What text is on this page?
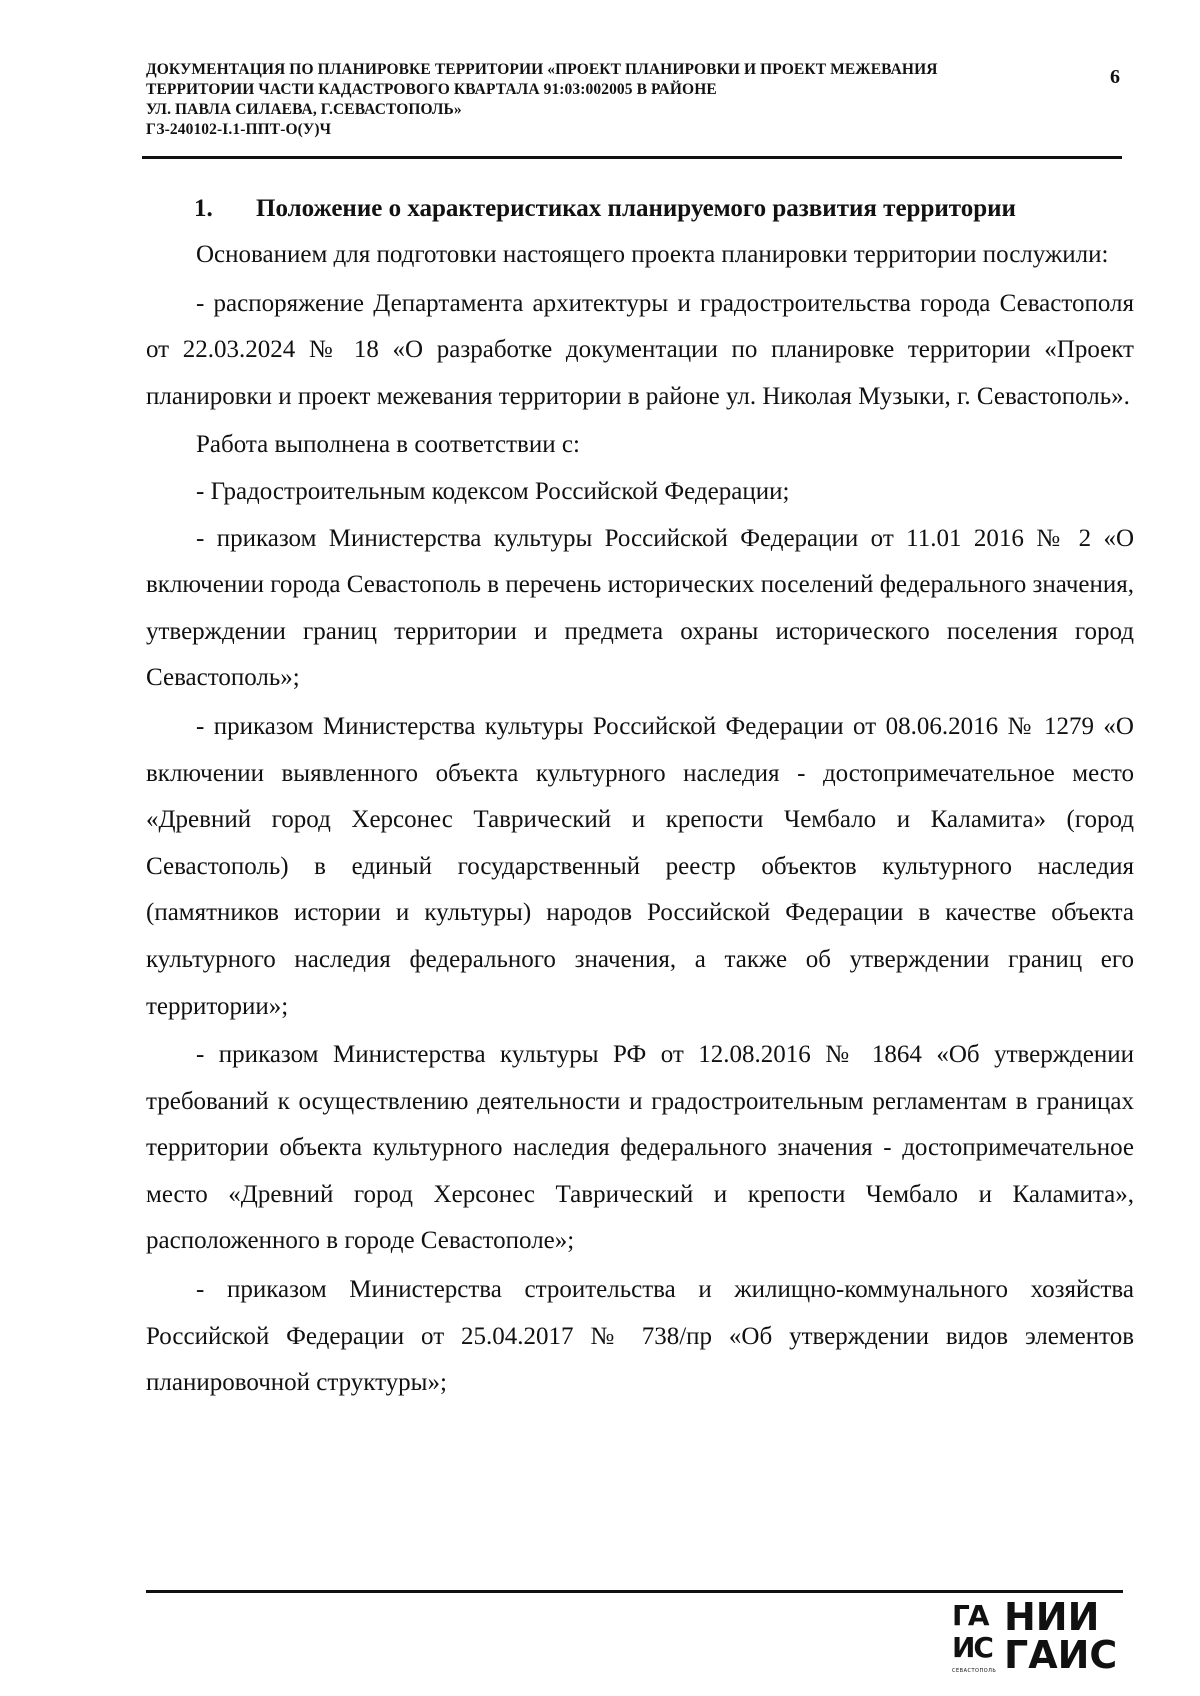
ДОКУМЕНТАЦИЯ ПО ПЛАНИРОВКЕ ТЕРРИТОРИИ «ПРОЕКТ ПЛАНИРОВКИ И ПРОЕКТ МЕЖЕВАНИЯ
ТЕРРИТОРИИ ЧАСТИ КАДАСТРОВОГО КВАРТАЛА 91:03:002005 В РАЙОНЕ
УЛ. ПАВЛА СИЛАЕВА, Г.СЕВАСТОПОЛЬ»
ГЗ-240102-I.1-ППТ-О(У)Ч
6

1. Положение о характеристиках планируемого развития территории

Основанием для подготовки настоящего проекта планировки территории послужили:

- распоряжение Департамента архитектуры и градостроительства города Севастополя от 22.03.2024 № 18 «О разработке документации по планировке территории «Проект планировки и проект межевания территории в районе ул. Николая Музыки, г. Севастополь».

Работа выполнена в соответствии с:

- Градостроительным кодексом Российской Федерации;

- приказом Министерства культуры Российской Федерации от 11.01 2016 № 2 «О включении города Севастополь в перечень исторических поселений федерального значения, утверждении границ территории и предмета охраны исторического поселения город Севастополь»;

- приказом Министерства культуры Российской Федерации от 08.06.2016 № 1279 «О включении выявленного объекта культурного наследия - достопримечательное место «Древний город Херсонес Таврический и крепости Чембало и Каламита» (город Севастополь) в единый государственный реестр объектов культурного наследия (памятников истории и культуры) народов Российской Федерации в качестве объекта культурного наследия федерального значения, а также об утверждении границ его территории»;

- приказом Министерства культуры РФ от 12.08.2016 № 1864 «Об утверждении требований к осуществлению деятельности и градостроительным регламентам в границах территории объекта культурного наследия федерального значения - достопримечательное место «Древний город Херсонес Таврический и крепости Чембало и Каламита», расположенного в городе Севастополе»;

- приказом Министерства строительства и жилищно-коммунального хозяйства Российской Федерации от 25.04.2017 № 738/пр «Об утверждении видов элементов планировочной структуры»;

ГА
ИС
СЕВАСТОПОЛЬ
НИИ
ГАИС
